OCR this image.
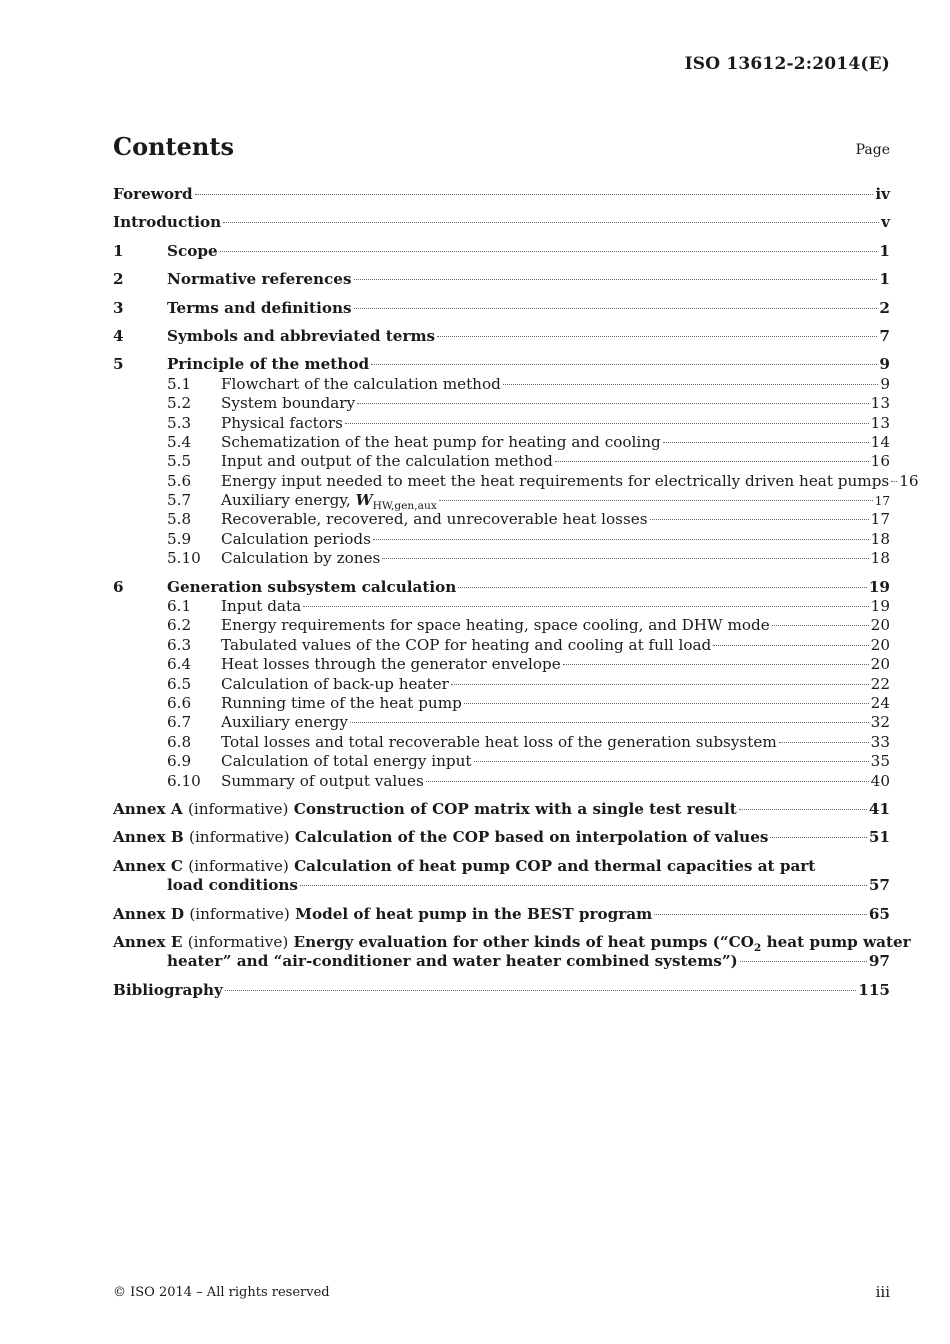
ISO 13612-2:2014(E)
Contents	Page
Foreword	iv
Introduction	v
1	Scope	1
2	Normative references	1
3	Terms and definitions	2
4	Symbols and abbreviated terms	7
5	Principle of the method	9
5.1	Flowchart of the calculation method	9
5.2	System boundary	13
5.3	Physical factors	13
5.4	Schematization of the heat pump for heating and cooling	14
5.5	Input and output of the calculation method	16
5.6	Energy input needed to meet the heat requirements for electrically driven heat pumps 16
5.7	Auxiliary energy, $W_{HW,gen,aux}$	17
5.8	Recoverable, recovered, and unrecoverable heat losses	17
5.9	Calculation periods	18
5.10	Calculation by zones	18
6	Generation subsystem calculation	19
6.1	Input data	19
6.2	Energy requirements for space heating, space cooling, and DHW mode	20
6.3	Tabulated values of the COP for heating and cooling at full load	20
6.4	Heat losses through the generator envelope	20
6.5	Calculation of back-up heater	22
6.6	Running time of the heat pump	24
6.7	Auxiliary energy	32
6.8	Total losses and total recoverable heat loss of the generation subsystem	33
6.9	Calculation of total energy input	35
6.10	Summary of output values	40
Annex A (informative) Construction of COP matrix with a single test result	41
Annex B (informative) Calculation of the COP based on interpolation of values	51
Annex C (informative) Calculation of heat pump COP and thermal capacities at part
load conditions	57
Annex D (informative) Model of heat pump in the BEST program	65
Annex E (informative) Energy evaluation for other kinds of heat pumps (“$CO_2$ heat pump water
heater” and “air-conditioner and water heater combined systems”)	97
Bibliography	115
© ISO 2014 – All rights reserved	iii
